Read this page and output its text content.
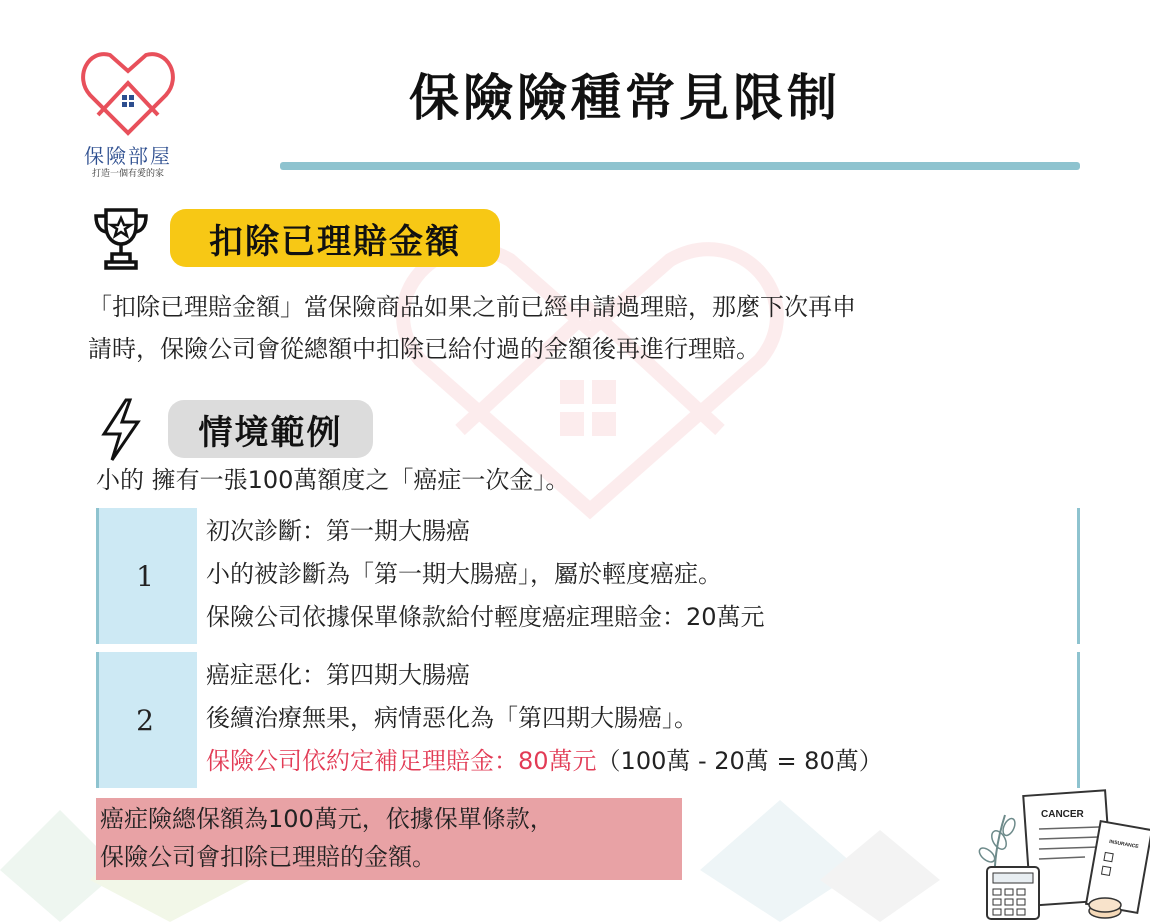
保險部屋
打造一個有愛的家
保險險種常見限制
扣除已理賠金額
「扣除已理賠金額」當保險商品如果之前已經申請過理賠，那麼下次再申
請時，保險公司會從總額中扣除已給付過的金額後再進行理賠。
情境範例
小的 擁有一張100萬額度之「癌症一次金」。
1
初次診斷：第一期大腸癌
小的被診斷為「第一期大腸癌」，屬於輕度癌症。
保險公司依據保單條款給付輕度癌症理賠金：20萬元
2
癌症惡化：第四期大腸癌
後續治療無果，病情惡化為「第四期大腸癌」。
保險公司依約定補足理賠金：80萬元（100萬 - 20萬 = 80萬）
癌症險總保額為100萬元，依據保單條款，
保險公司會扣除已理賠的金額。
CANCER
INSURANCE
